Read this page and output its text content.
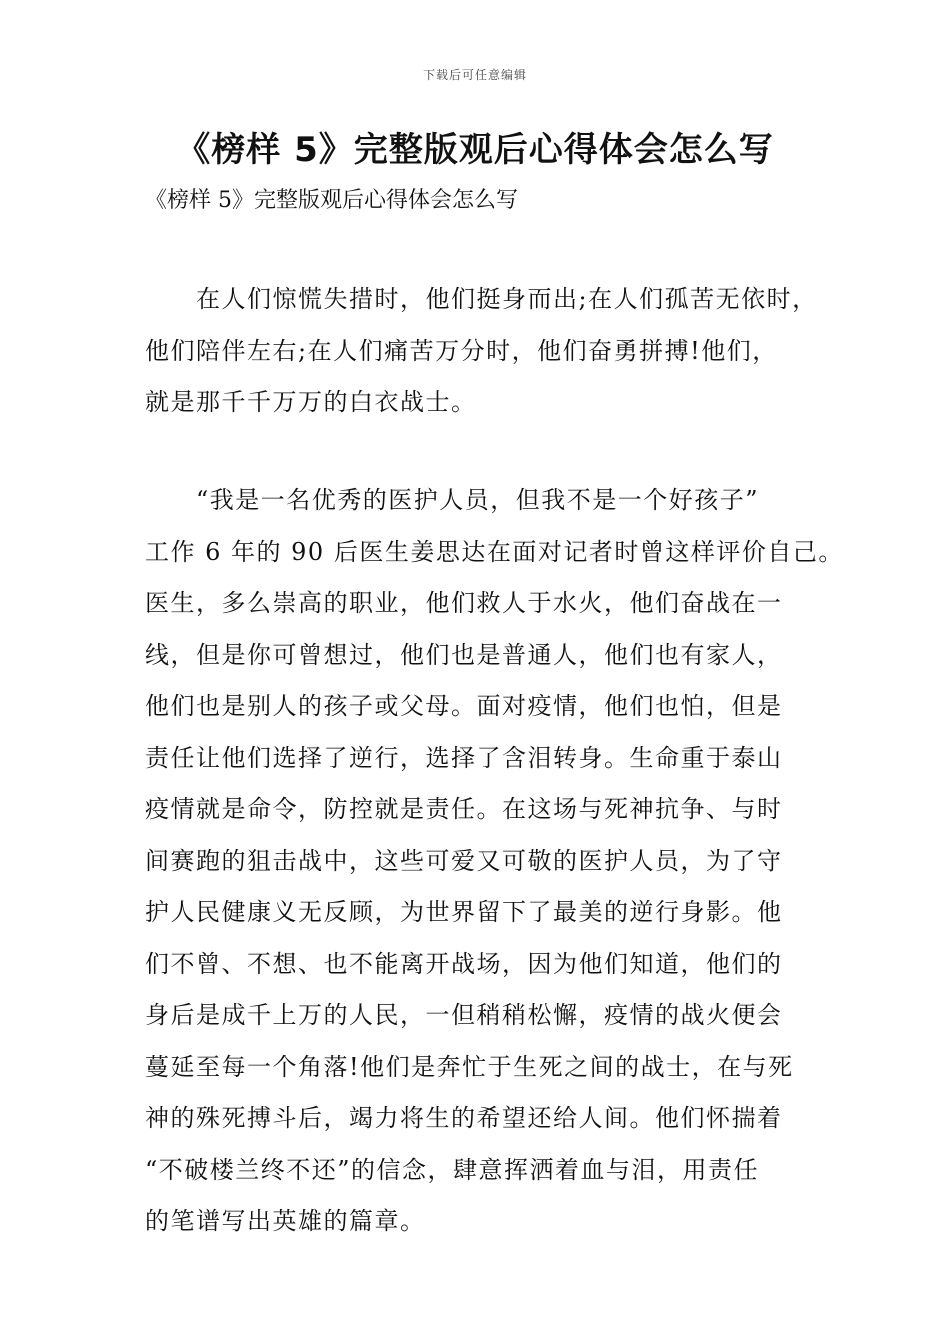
下载后可任意编辑
《榜样 5》完整版观后心得体会怎么写
《榜样 5》完整版观后心得体会怎么写

　　在人们惊慌失措时，他们挺身而出;在人们孤苦无依时，

他们陪伴左右;在人们痛苦万分时，他们奋勇拼搏!他们，

就是那千千万万的白衣战士。

　　“我是一名优秀的医护人员，但我不是一个好孩子”

工作 6 年的 90 后医生姜思达在面对记者时曾这样评价自己。

医生，多么崇高的职业，他们救人于水火，他们奋战在一

线，但是你可曾想过，他们也是普通人，他们也有家人，

他们也是别人的孩子或父母。面对疫情，他们也怕，但是

责任让他们选择了逆行，选择了含泪转身。生命重于泰山

疫情就是命令，防控就是责任。在这场与死神抗争、与时

间赛跑的狙击战中，这些可爱又可敬的医护人员，为了守

护人民健康义无反顾，为世界留下了最美的逆行身影。他

们不曾、不想、也不能离开战场，因为他们知道，他们的

身后是成千上万的人民，一但稍稍松懈，疫情的战火便会

蔓延至每一个角落!他们是奔忙于生死之间的战士，在与死

神的殊死搏斗后，竭力将生的希望还给人间。他们怀揣着

“不破楼兰终不还”的信念，肆意挥洒着血与泪，用责任

的笔谱写出英雄的篇章。
